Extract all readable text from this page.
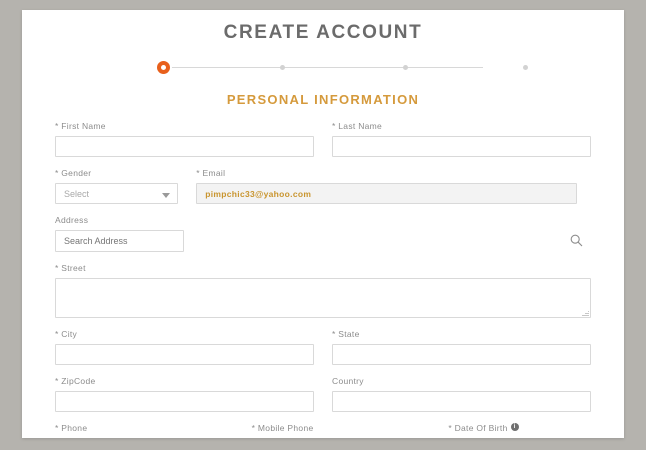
CREATE ACCOUNT
PERSONAL INFORMATION
* First Name	* Last Name
* Gender
Select
* Email
pimpchic33@yahoo.com
Address
Search Address
* Street
* City	* State
* ZipCode	Country
* Phone	* Mobile Phone	* Date Of Birth i
